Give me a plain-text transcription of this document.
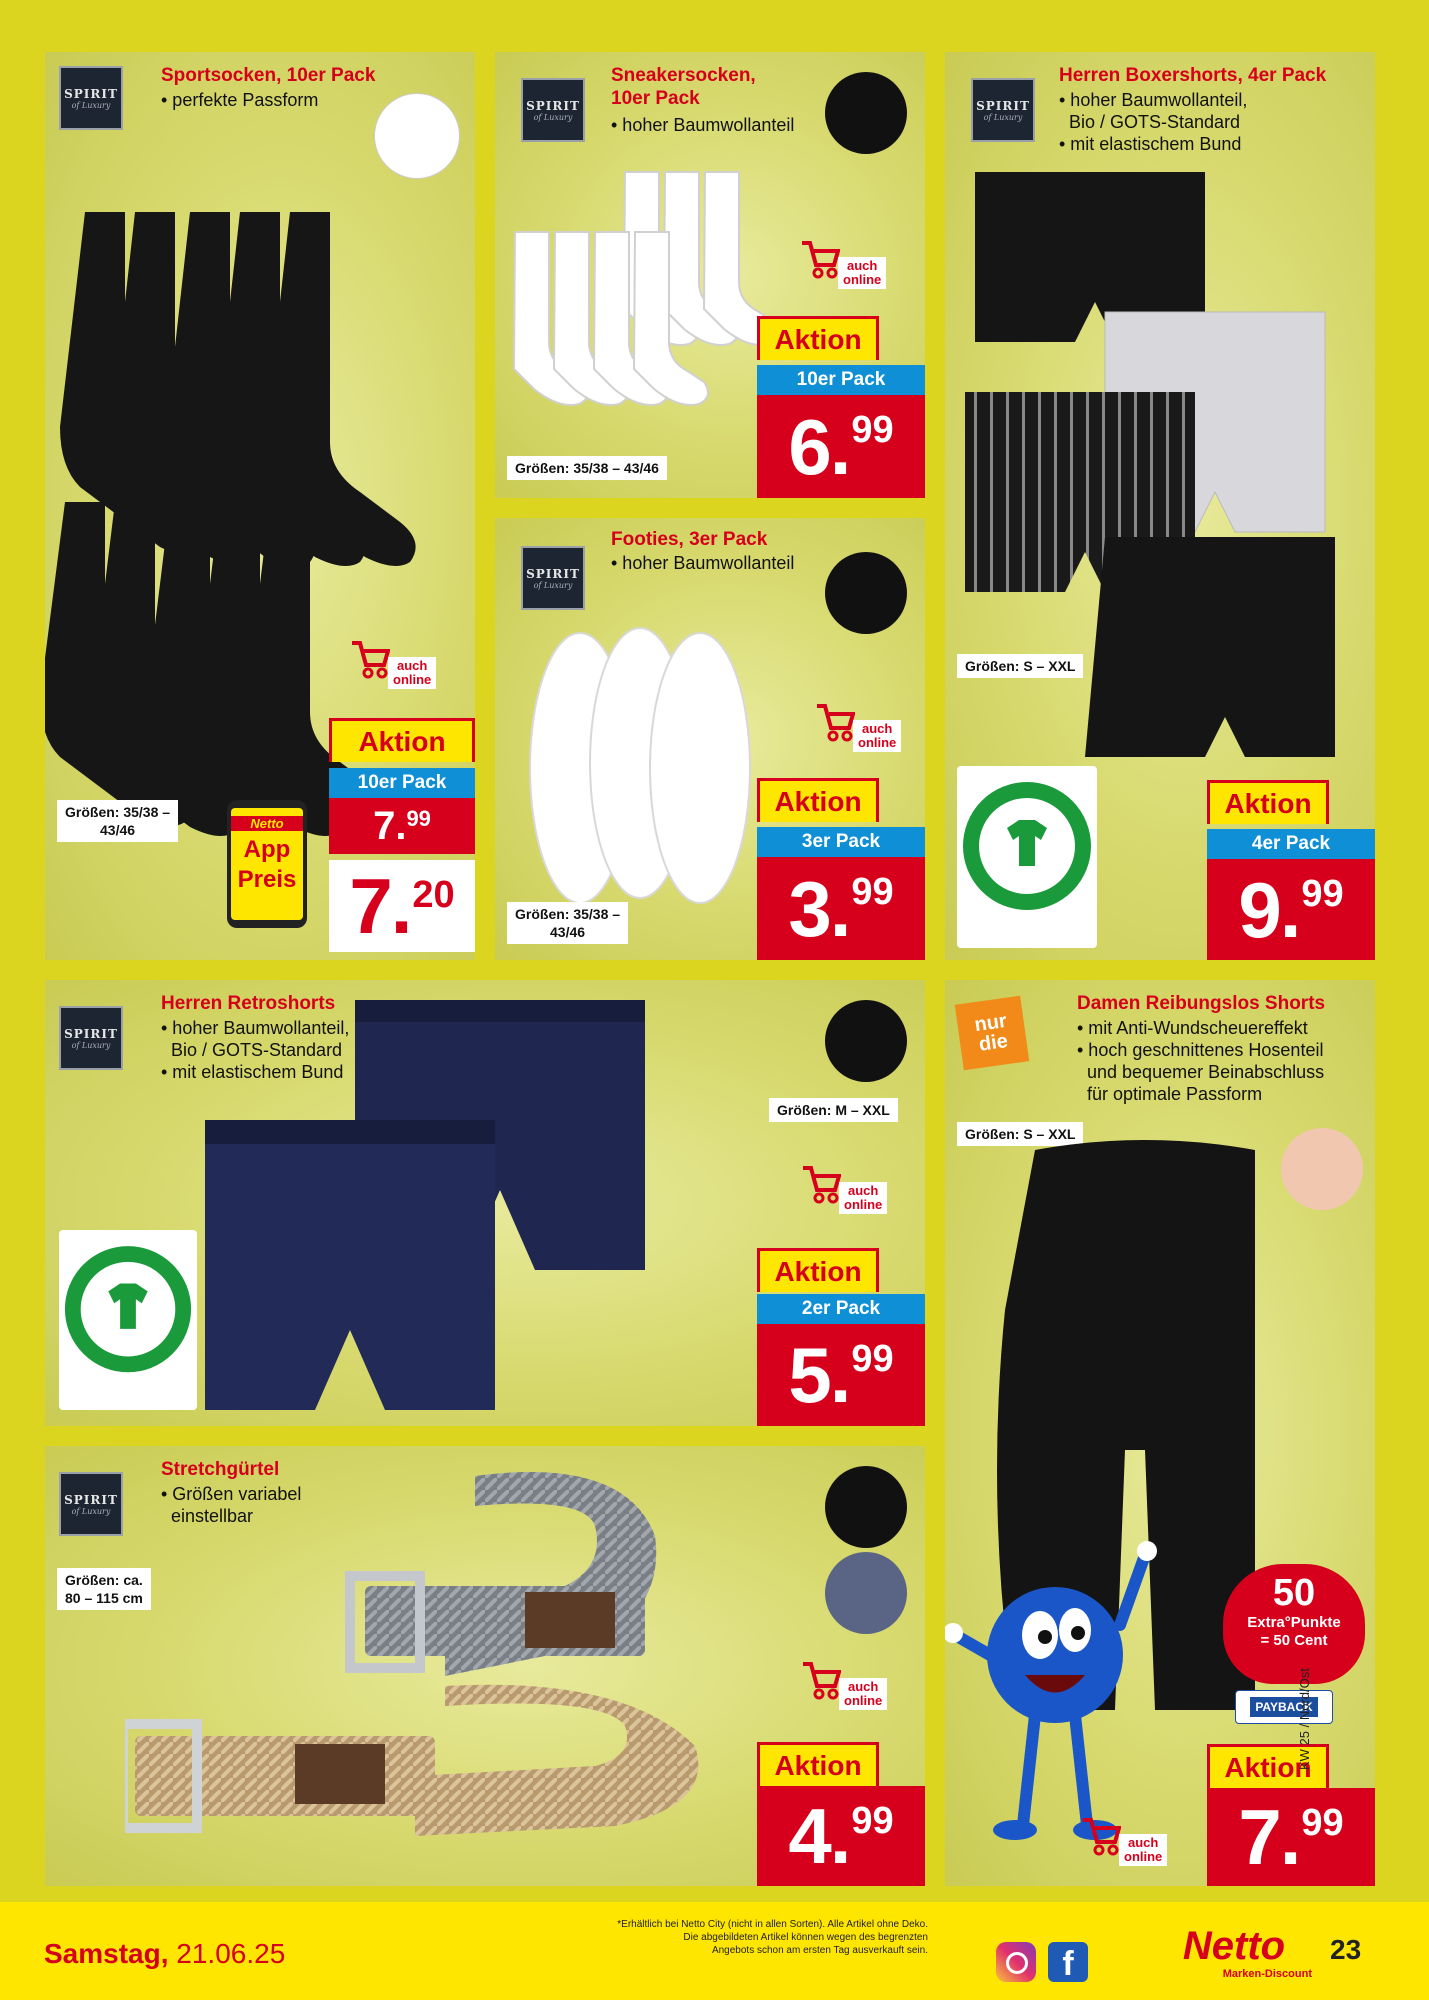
SPIRIT
of Luxury
Sportsocken, 10er Pack
• perfekte Passform
auch
online
Größen: 35/38 –
43/46	Netto
App
Preis
Aktion
10er Pack
7. 99
7. 20
SPIRIT
of Luxury
Sneakersocken,
10er Pack
• hoher Baumwollanteil
auch
online
Größen: 35/38 – 43/46
Aktion
10er Pack
6. 99
SPIRIT
of Luxury
Footies, 3er Pack
• hoher Baumwollanteil
auch
online
Größen: 35/38 –
43/46
Aktion
3er Pack
3. 99
SPIRIT
of Luxury
Herren Boxershorts, 4er Pack
• hoher Baumwollanteil,
Bio / GOTS-Standard
• mit elastischem Bund
Größen: S – XXL
Aktion
4er Pack
9. 99
SPIRIT
of Luxury
Herren Retroshorts
• hoher Baumwollanteil,
Bio / GOTS-Standard
• mit elastischem Bund
Größen: M – XXL
auch
online
Aktion
2er Pack
5. 99
nur die
Damen Reibungslos Shorts
• mit Anti-Wundscheuereffekt
• hoch geschnittenes Hosenteil
und bequemer Beinabschluss
für optimale Passform
Größen: S – XXL
50
Extra°Punkte
= 50 Cent
PAYBACK
auch
online
Aktion
7. 99
KW 25 / Nord/Ost
SPIRIT
of Luxury
Stretchgürtel
• Größen variabel
einstellbar
Größen: ca.
80 – 115 cm
auch
online
Aktion
4. 99
Samstag, 21.06.25
*Erhältlich bei Netto City (nicht in allen Sorten). Alle Artikel ohne Deko.
Die abgebildeten Artikel können wegen des begrenzten
Angebots schon am ersten Tag ausverkauft sein.	f	Netto
Marken-Discount
23
